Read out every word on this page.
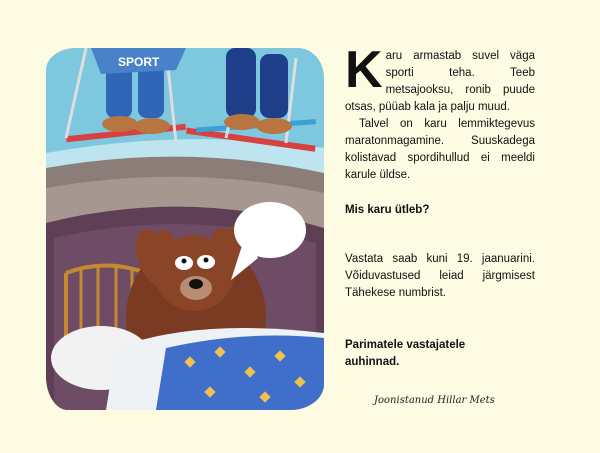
SPORT	Karu armastab suvel väga sporti teha. Teeb metsajooksu, ronib puude otsas, püüab kala ja palju muud.

Talvel on karu lemmiktegevus maratonmagamine. Suuskadega kolistavad spordihullud ei meeldi karule üldse.

Mis karu ütleb?

Vastata saab kuni 19. jaanuarini. Võiduvastused leiad järgmisest Tähekese numbrist.

Parimatele vastajatele auhinnad.

Joonistanud Hillar Mets
